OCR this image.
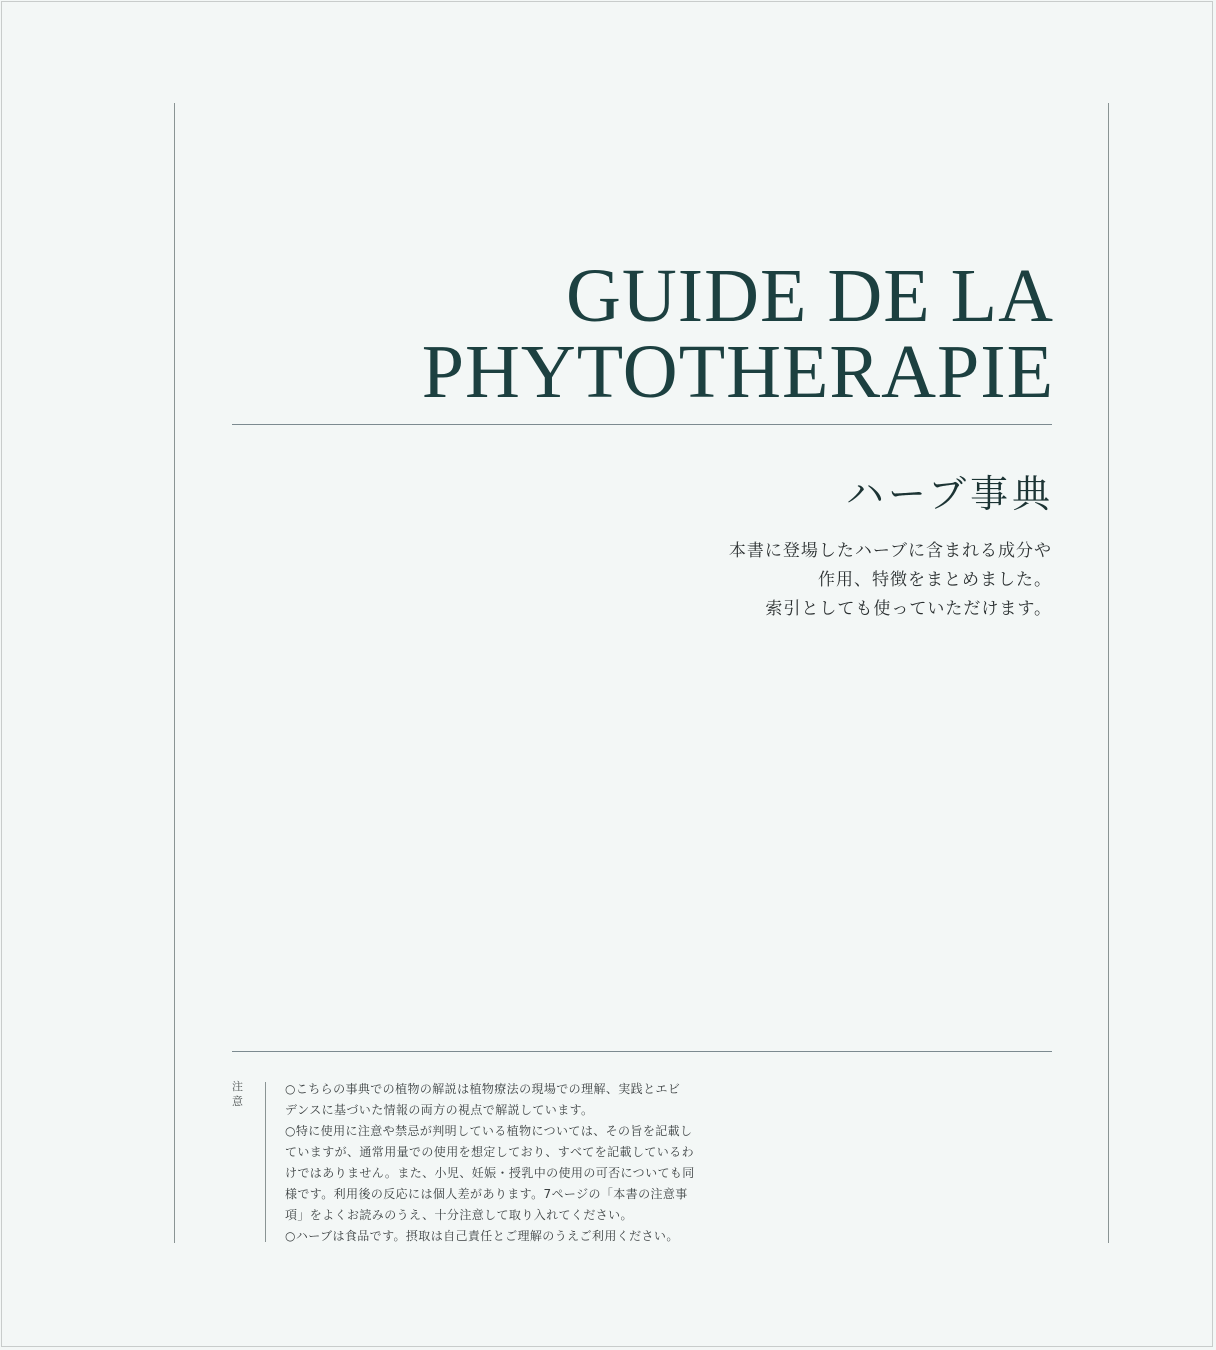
GUIDE DE LA
PHYTOTHERAPIE
ハーブ事典
本書に登場したハーブに含まれる成分や
作用、特徴をまとめました。
索引としても使っていただけます。
注
意
○こちらの事典での植物の解説は植物療法の現場での理解、実践とエビ
デンスに基づいた情報の両方の視点で解説しています。
○特に使用に注意や禁忌が判明している植物については、その旨を記載し
ていますが、通常用量での使用を想定しており、すべてを記載しているわ
けではありません。また、小児、妊娠・授乳中の使用の可否についても同
様です。利用後の反応には個人差があります。7ページの「本書の注意事
項」をよくお読みのうえ、十分注意して取り入れてください。
○ハーブは食品です。摂取は自己責任とご理解のうえご利用ください。
